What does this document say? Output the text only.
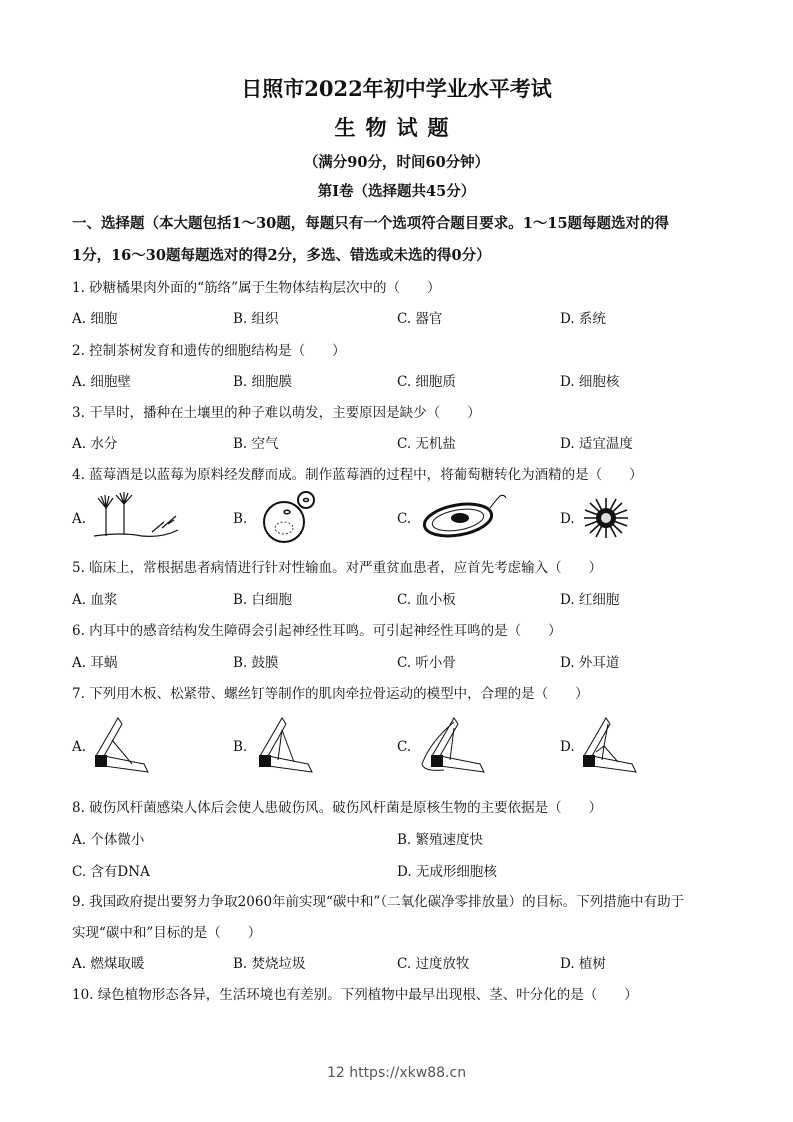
日照市2022年初中学业水平考试
生物试题
（满分90分，时间60分钟）
第Ⅰ卷（选择题共45分）
一、选择题（本大题包括1～30题，每题只有一个选项符合题目要求。1～15题每题选对的得
1分，16～30题每题选对的得2分，多选、错选或未选的得0分）
1. 砂糖橘果肉外面的“筋络”属于生物体结构层次中的（　　）
A. 细胞	B. 组织	C. 器官	D. 系统
2. 控制茶树发育和遗传的细胞结构是（　　）
A. 细胞壁	B. 细胞膜	C. 细胞质	D. 细胞核
3. 干旱时，播种在土壤里的种子难以萌发，主要原因是缺少（　　）
A. 水分	B. 空气	C. 无机盐	D. 适宜温度
4. 蓝莓酒是以蓝莓为原料经发酵而成。制作蓝莓酒的过程中，将葡萄糖转化为酒精的是（　　）
A.	B.	C.	D.
5. 临床上，常根据患者病情进行针对性输血。对严重贫血患者，应首先考虑输入（　　）
A. 血浆	B. 白细胞	C. 血小板	D. 红细胞
6. 内耳中的感音结构发生障碍会引起神经性耳鸣。可引起神经性耳鸣的是（　　）
A. 耳蜗	B. 鼓膜	C. 听小骨	D. 外耳道
7. 下列用木板、松紧带、螺丝钉等制作的肌肉牵拉骨运动的模型中，合理的是（　　）
A.	B.	C.	D.
8. 破伤风杆菌感染人体后会使人患破伤风。破伤风杆菌是原核生物的主要依据是（　　）
A. 个体微小	B. 繁殖速度快
C. 含有DNA	D. 无成形细胞核
9. 我国政府提出要努力争取2060年前实现“碳中和”（二氧化碳净零排放量）的目标。下列措施中有助于
实现“碳中和”目标的是（　　）
A. 燃煤取暖	B. 焚烧垃圾	C. 过度放牧	D. 植树
10. 绿色植物形态各异，生活环境也有差别。下列植物中最早出现根、茎、叶分化的是（　　）
12 https://xkw88.cn
